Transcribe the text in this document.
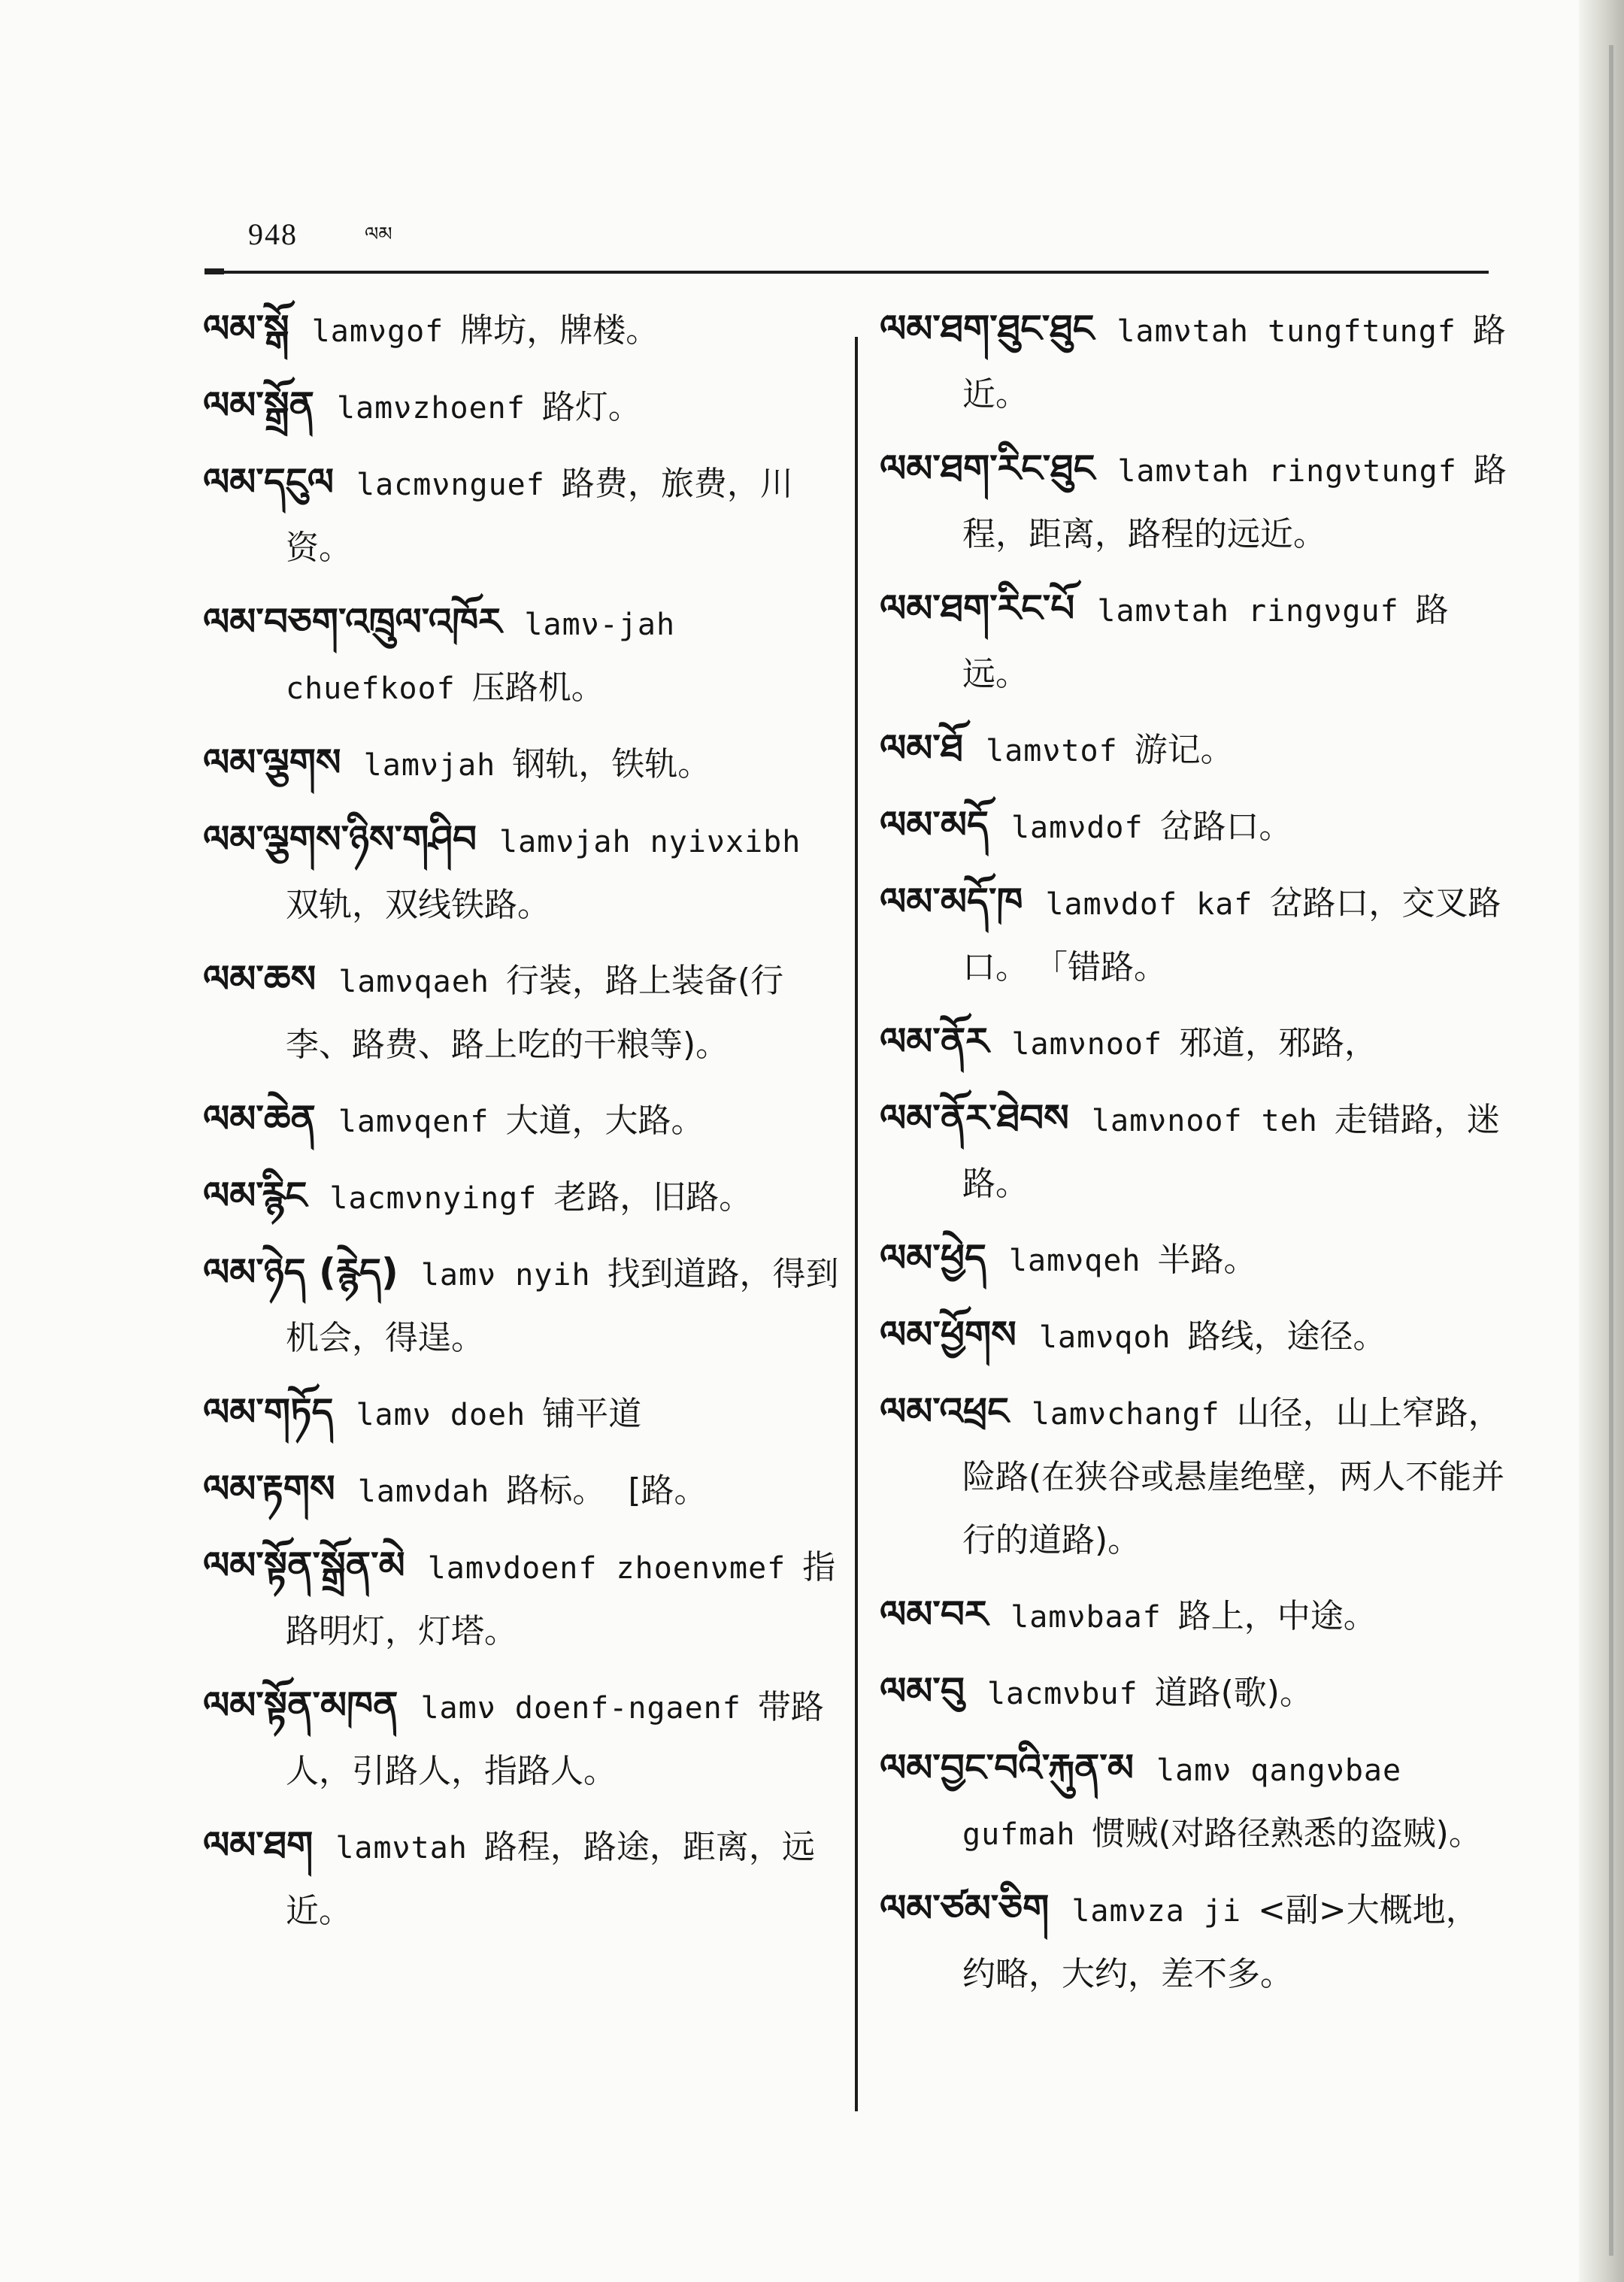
948	ལམ
ལམ་སྒོ lamνgof 牌坊，牌楼。
ལམ་སྒྲོན lamνzhoenf 路灯。
ལམ་དངུལ lacmνnguef 路费，旅费，川资。
ལམ་བཅག་འཁྲུལ་འཁོར lamν-jah chuefkoof 压路机。
ལམ་ལྕགས lamνjah 钢轨，铁轨。
ལམ་ལྕགས་ཉིས་གཤིབ lamνjah nyiνxibh双轨，双线铁路。
ལམ་ཆས lamνqaeh 行装，路上装备(行李、路费、路上吃的干粮等)。
ལམ་ཆེན lamνqenf 大道，大路。
ལམ་རྙིང lacmνnyingf 老路，旧路。
ལམ་ཉེད (རྙེད) lamν nyih 找到道路，得到机会，得逞。
ལམ་གཏོད lamν doeh 铺平道
ལམ་རྟགས lamνdah 路标。 [路。
ལམ་སྟོན་སྒྲོན་མེ lamνdoenf zhoenνmef 指路明灯，灯塔。
ལམ་སྟོན་མཁན lamν doenf-ngaenf 带路人，引路人，指路人。
ལམ་ཐག lamνtah 路程，路途，距离，远近。
ལམ་ཐག་ཐུང་ཐུང lamνtah tungftungf 路近。
ལམ་ཐག་རིང་ཐུང lamνtah ringνtungf 路程，距离，路程的远近。
ལམ་ཐག་རིང་པོ lamνtah ringνguf 路远。
ལམ་ཐོ lamνtof 游记。
ལམ་མདོ lamνdof 岔路口。
ལམ་མདོ་ཁ lamνdof kaf 岔路口，交叉路口。 「错路。
ལམ་ནོར lamνnoof 邪道，邪路，
ལམ་ནོར་ཐེབས lamνnoof teh 走错路，迷路。
ལམ་ཕྱེད lamνqeh 半路。
ལམ་ཕྱོགས lamνqoh 路线，途径。
ལམ་འཕྲང lamνchangf 山径，山上窄路，险路(在狭谷或悬崖绝壁，两人不能并行的道路)。
ལམ་བར lamνbaaf 路上，中途。
ལམ་བུ lacmνbuf 道路(歌)。
ལམ་བྱང་བའི་རྐུན་མ lamν qangνbae gufmah 惯贼(对路径熟悉的盗贼)。
ལམ་ཙམ་ཅིག lamνza ji <副>大概地，约略，大约，差不多。
